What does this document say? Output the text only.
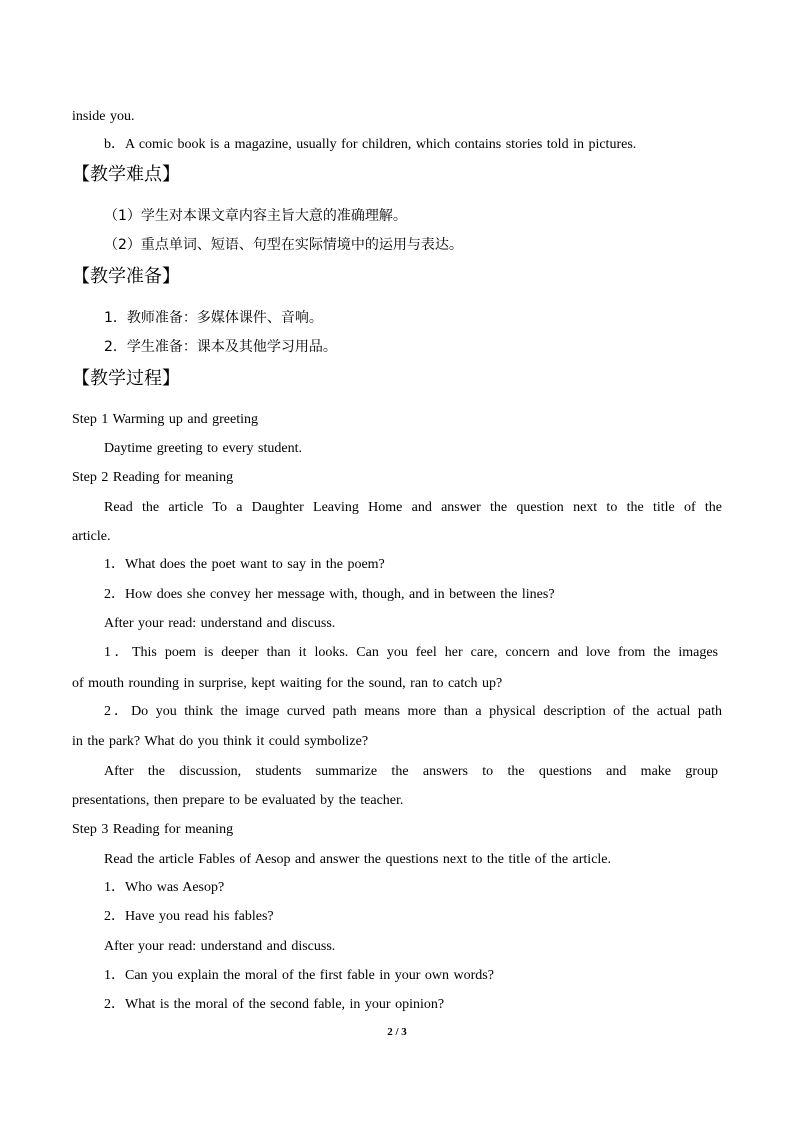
inside you.
b．A comic book is a magazine, usually for children, which contains stories told in pictures.
【教学难点】
（1）学生对本课文章内容主旨大意的准确理解。
（2）重点单词、短语、句型在实际情境中的运用与表达。
【教学准备】
1．教师准备：多媒体课件、音响。
2．学生准备：课本及其他学习用品。
【教学过程】
Step 1 Warming up and greeting
Daytime greeting to every student.
Step 2 Reading for meaning
Read the article To a Daughter Leaving Home and answer the question next to the title of the
article.
1．What does the poet want to say in the poem?
2．How does she convey her message with, though, and in between the lines?
After your read: understand and discuss.
1．This poem is deeper than it looks. Can you feel her care, concern and love from the images
of mouth rounding in surprise, kept waiting for the sound, ran to catch up?
2．Do you think the image curved path means more than a physical description of the actual path
in the park? What do you think it could symbolize?
After the discussion, students summarize the answers to the questions and make group
presentations, then prepare to be evaluated by the teacher.
Step 3 Reading for meaning
Read the article Fables of Aesop and answer the questions next to the title of the article.
1．Who was Aesop?
2．Have you read his fables?
After your read: understand and discuss.
1．Can you explain the moral of the first fable in your own words?
2．What is the moral of the second fable, in your opinion?
2 / 3
